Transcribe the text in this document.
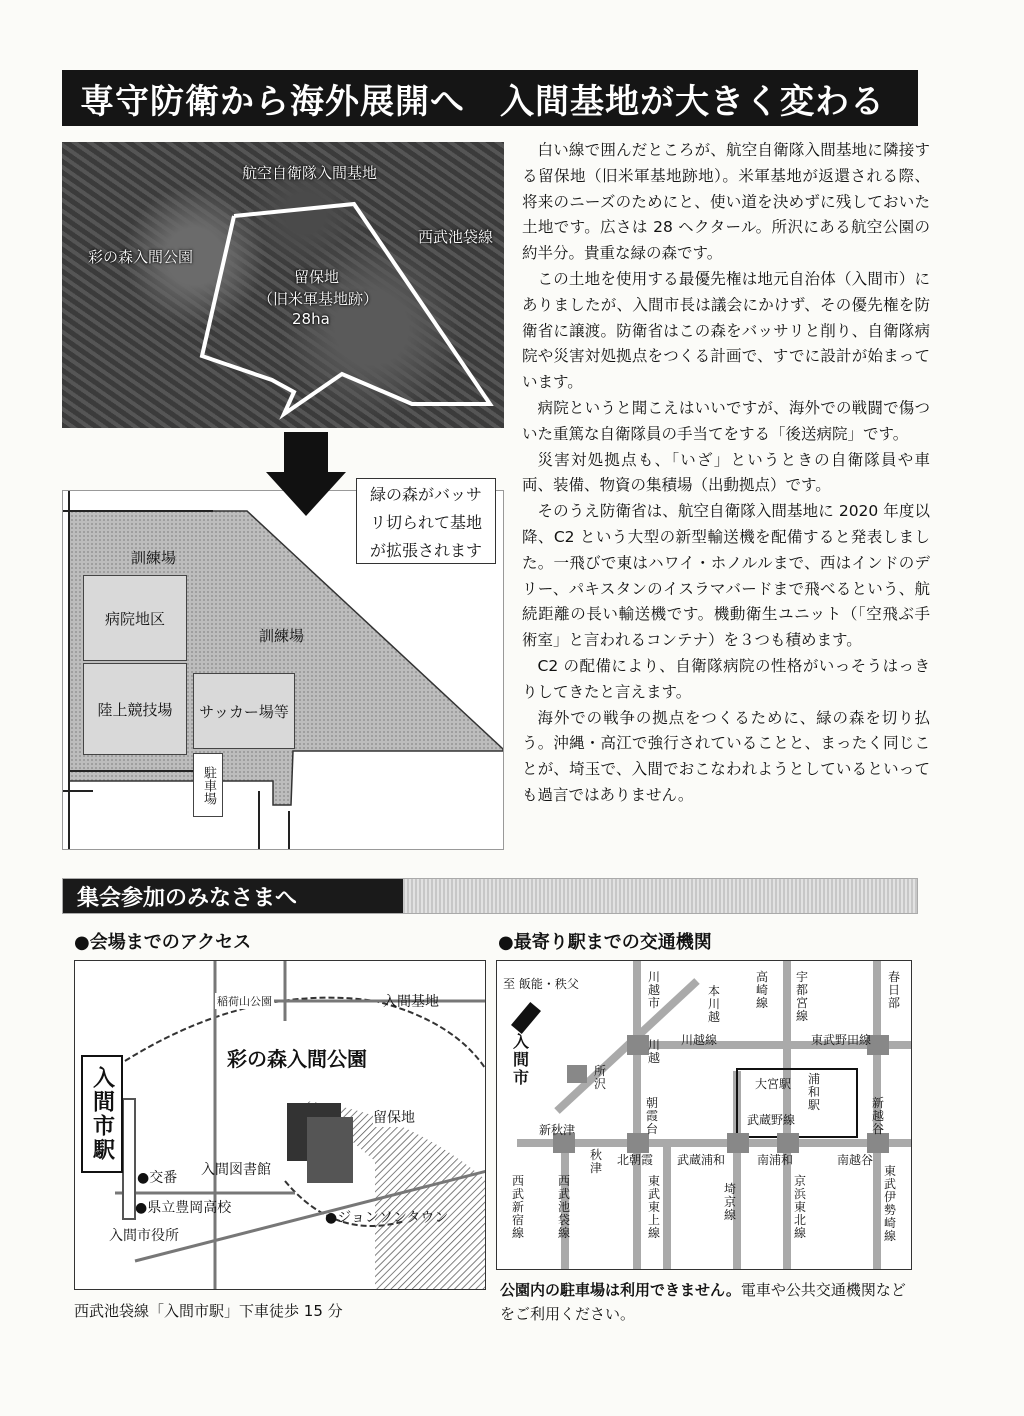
専守防衛から海外展開へ　入間基地が大きく変わる
航空自衛隊入間基地
彩の森入間公園
西武池袋線
留保地
（旧米軍基地跡）
28ha
訓練場
病院地区
訓練場
陸上競技場	サッカー場等
駐車場
緑の森がバッサリ切られて基地が拡張されます

白い線で囲んだところが、航空自衛隊入間基地に隣接する留保地（旧米軍基地跡地）。米軍基地が返還される際、将来のニーズのためにと、使い道を決めずに残しておいた土地です。広さは 28 ヘクタール。所沢にある航空公園の約半分。貴重な緑の森です。

この土地を使用する最優先権は地元自治体（入間市）にありましたが、入間市長は議会にかけず、その優先権を防衛省に譲渡。防衛省はこの森をバッサリと削り、自衛隊病院や災害対処拠点をつくる計画で、すでに設計が始まっています。

病院というと聞こえはいいですが、海外での戦闘で傷ついた重篤な自衛隊員の手当てをする「後送病院」です。

災害対処拠点も、「いざ」というときの自衛隊員や車両、装備、物資の集積場（出動拠点）です。

そのうえ防衛省は、航空自衛隊入間基地に 2020 年度以降、C2 という大型の新型輸送機を配備すると発表しました。一飛びで東はハワイ・ホノルルまで、西はインドのデリー、パキスタンのイスラマバードまで飛べるという、航続距離の長い輸送機です。機動衛生ユニット（「空飛ぶ手術室」と言われるコンテナ）を３つも積めます。

C2 の配備により、自衛隊病院の性格がいっそうはっきりしてきたと言えます。

海外での戦争の拠点をつくるために、緑の森を切り払う。沖縄・高江で強行されていることと、まったく同じことが、埼玉で、入間でおこなわれようとしているといっても過言ではありません。

集会参加のみなさまへ
●会場までのアクセス	●最寄り駅までの交通機関
稲荷山公園	入間基地
彩の森入間公園
留保地
入間市駅
●交番 入間図書館
●県立豊岡高校
入間市役所
●ジョンソンタウン
西武池袋線「入間市駅」下車徒歩 15 分
至 飯能・秩父
入間市
川越市
本川越
高崎線
宇都宮線
春日部
川越線	東武野田線
川越
所沢	大宮駅 浦和駅
朝霞台
新越谷
武蔵野線
新秋津
秋津
北朝霞 武蔵浦和	南浦和	南越谷
西武新宿線
西武池袋線
東武東上線
埼京線
京浜東北線
東武伊勢崎線
公園内の駐車場は利用できません。電車や公共交通機関などをご利用ください。
